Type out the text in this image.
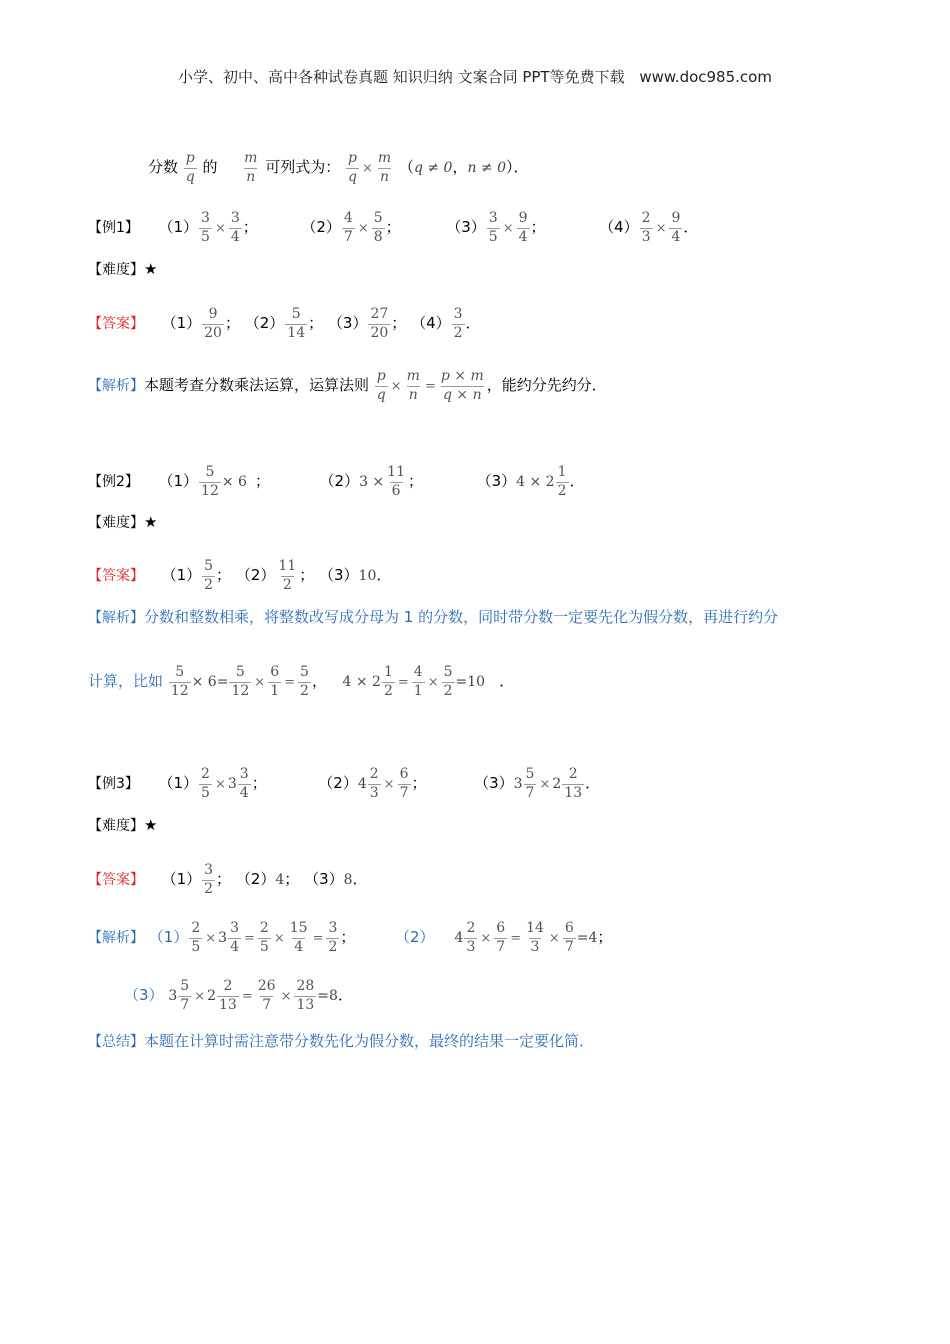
小学、初中、高中各种试卷真题 知识归纳 文案合同 PPT等免费下载 www.doc985.com
分数 $\frac{p}{q}$ 的 $\frac{m}{n}$ 可列式为： $\frac{p}{q} \times \frac{m}{n} (q \ne 0$，n ≠ 0）．
【例1】 $(1) \frac{3}{5} \times \frac{3}{4}$ ；	$(2) \frac{4}{7} \times \frac{5}{8}$ ；	$(3) \frac{3}{5} \times \frac{9}{4}$ ；	$(4) \frac{2}{3} \times \frac{9}{4}$ ．
【难度】★
【答案】 $(1) \frac{9}{20}$ ； $(2) \frac{5}{14}$ ； $(3) \frac{27}{20}$ ； $(4) \frac{3}{2}$ ．
【解析】本题考查分数乘法运算，运算法则 $\frac{p}{q} \times \frac{m}{n} = \frac{p \times m}{q \times n}$ ，能约分先约分．
【例2】 $(1) \frac{5}{12} \times 6$ ；	$(2)3 \times \frac{11}{6}$ ；	$(3)4 \times 2 \frac{1}{2}$ ．
【难度】★
【答案】 $(1) \frac{5}{2}$ ； $(2) \frac{11}{2}$ ； （3）10．
【解析】分数和整数相乘，将整数改写成分母为 1 的分数，同时带分数一定要先化为假分数，再进行约分
计算，比如 $\frac{5}{12} \times 6= \frac{5}{12} \times \frac{6}{1} = \frac{5}{2}$ ， $4 \times 2 \frac{1}{2} = \frac{4}{1} \times \frac{5}{2} =10$ ．
【例3】 $(1) \frac{2}{5} \times 3 \frac{3}{4}$ ；	$(2)4 \frac{2}{3} \times \frac{6}{7}$ ；	$(3)3 \frac{5}{7} \times 2 \frac{2}{13}$ ．
【难度】★
【答案】 $(1) \frac{3}{2}$ ； （2）4； （3）8．
【解析】 $(1) \frac{2}{5} \times 3 \frac{3}{4} = \frac{2}{5} \times \frac{15}{4} = \frac{3}{2}$ ；	（2） $4 \frac{2}{3} \times \frac{6}{7} = \frac{14}{3} \times \frac{6}{7} =4$；
（3） $3 \frac{5}{7} \times 2 \frac{2}{13} = \frac{26}{7} \times \frac{28}{13} =8$．
【总结】本题在计算时需注意带分数先化为假分数，最终的结果一定要化简．
